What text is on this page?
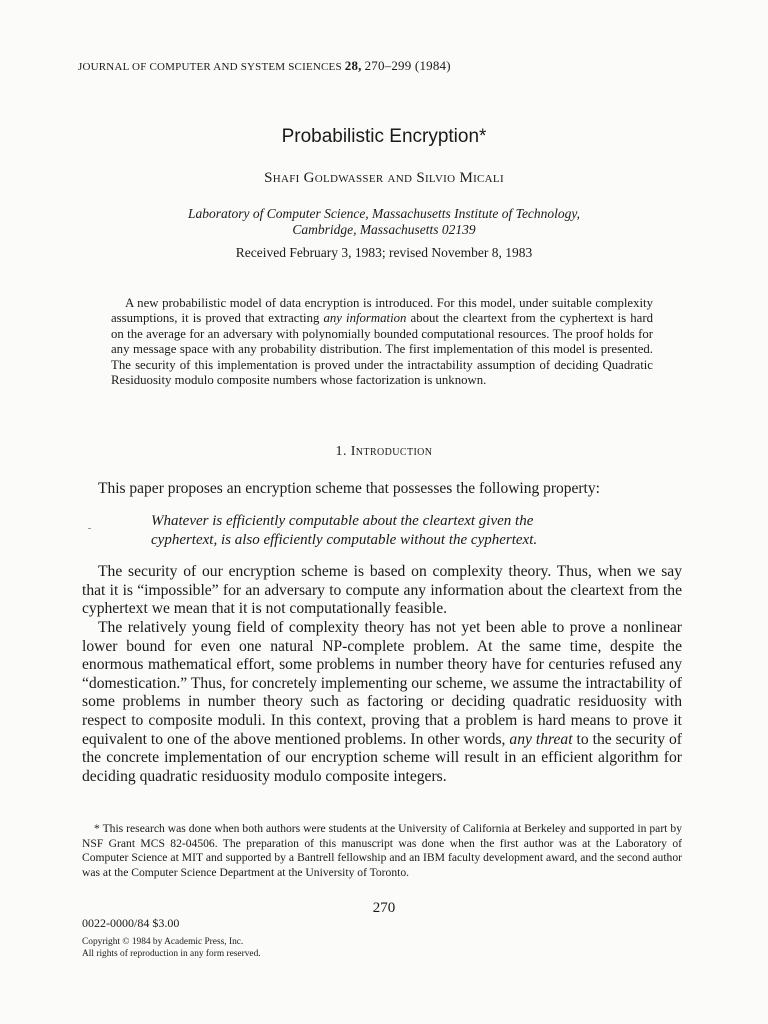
JOURNAL OF COMPUTER AND SYSTEM SCIENCES 28, 270–299 (1984)
Probabilistic Encryption*
Shafi Goldwasser and Silvio Micali
Laboratory of Computer Science, Massachusetts Institute of Technology,
Cambridge, Massachusetts 02139
Received February 3, 1983; revised November 8, 1983
A new probabilistic model of data encryption is introduced. For this model, under suitable complexity assumptions, it is proved that extracting any information about the cleartext from the cyphertext is hard on the average for an adversary with polynomially bounded computational resources. The proof holds for any message space with any probability distribution. The first implementation of this model is presented. The security of this implementation is proved under the intractability assumption of deciding Quadratic Residuosity modulo composite numbers whose factorization is unknown.
1. Introduction
This paper proposes an encryption scheme that possesses the following property:
Whatever is efficiently computable about the cleartext given the
cyphertext, is also efficiently computable without the cyphertext.

The security of our encryption scheme is based on complexity theory. Thus, when we say that it is “impossible” for an adversary to compute any information about the cleartext from the cyphertext we mean that it is not computationally feasible.

The relatively young field of complexity theory has not yet been able to prove a nonlinear lower bound for even one natural NP-complete problem. At the same time, despite the enormous mathematical effort, some problems in number theory have for centuries refused any “domestication.” Thus, for concretely implementing our scheme, we assume the intractability of some problems in number theory such as factoring or deciding quadratic residuosity with respect to composite moduli. In this context, proving that a problem is hard means to prove it equivalent to one of the above mentioned problems. In other words, any threat to the security of the concrete implementation of our encryption scheme will result in an efficient algorithm for deciding quadratic residuosity modulo composite integers.

* This research was done when both authors were students at the University of California at Berkeley and supported in part by NSF Grant MCS 82-04506. The preparation of this manuscript was done when the first author was at the Laboratory of Computer Science at MIT and supported by a Bantrell fellowship and an IBM faculty development award, and the second author was at the Computer Science Department at the University of Toronto.
270
0022-0000/84 $3.00
Copyright © 1984 by Academic Press, Inc.
All rights of reproduction in any form reserved.
